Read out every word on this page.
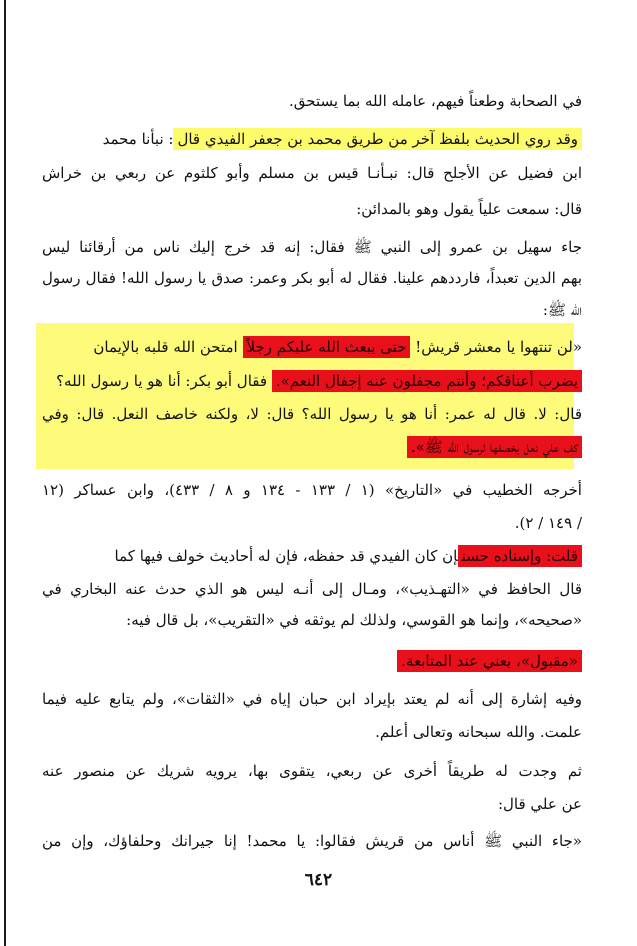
في الصحابة وطعناً فيهم، عامله الله بما يستحق.
وقد روي الحديث بلفظ آخر من طريق محمد بن جعفر الفيدي قال: نبأنا محمد
ابن فضيل عن الأجلح قال: نبـأنـا قيس بن مسلم وأبو كلثوم عن ربعي بن خراش
قال: سمعت علياً يقول وهو بالمدائن:
جاء سهيل بن عمرو إلى النبي ﷺ فقال: إنه قد خرج إليك ناس من أرقائنا ليس
بهم الدين تعبداً، فارددهم علينا. فقال له أبو بكر وعمر: صدق يا رسول الله! فقال رسول
الله ﷺ:
«لن تنتهوا يا معشر قريش! حتى يبعث الله عليكم رجلاً امتحن الله قلبه بالإيمان
يضرب أعناقكم؛ وأنتم مجفلون عنه إجفال النعم». فقال أبو بكر: أنا هو يا رسول الله؟
قال: لا. قال له عمر: أنا هو يا رسول الله؟ قال: لا، ولكنه خاصف النعل. قال: وفي
كف علي نعل يخصفها لرسول الله ﷺ».
أخرجه الخطيب في «التاريخ» (١ / ١٣٣ - ١٣٤ و ٨ / ٤٣٣)، وابن عساكر (١٢
/ ١٤٩ / ٢).
قلت: وإسناده حسنإن كان الفيدي قد حفظه، فإن له أحاديث خولف فيها كما
قال الحافظ في «التهـذيب»، ومـال إلى أنـه ليس هو الذي حدث عنه البخاري في
«صحيحه»، وإنما هو القوسي، ولذلك لم يوثقه في «التقريب»، بل قال فيه:
«مقبول»، يعني عند المتابعة.
وفيه إشارة إلى أنه لم يعتد بإيراد ابن حبان إياه في «الثقات»، ولم يتابع عليه فيما
علمت. والله سبحانه وتعالى أعلم.
ثم وجدت له طريقاً أخرى عن ربعي، يتقوى بها، يرويه شريك عن منصور عنه
عن علي قال:
«جاء النبي ﷺ أناس من قريش فقالوا: يا محمد! إنا جيرانك وحلفاؤك، وإن من
٦٤٢
